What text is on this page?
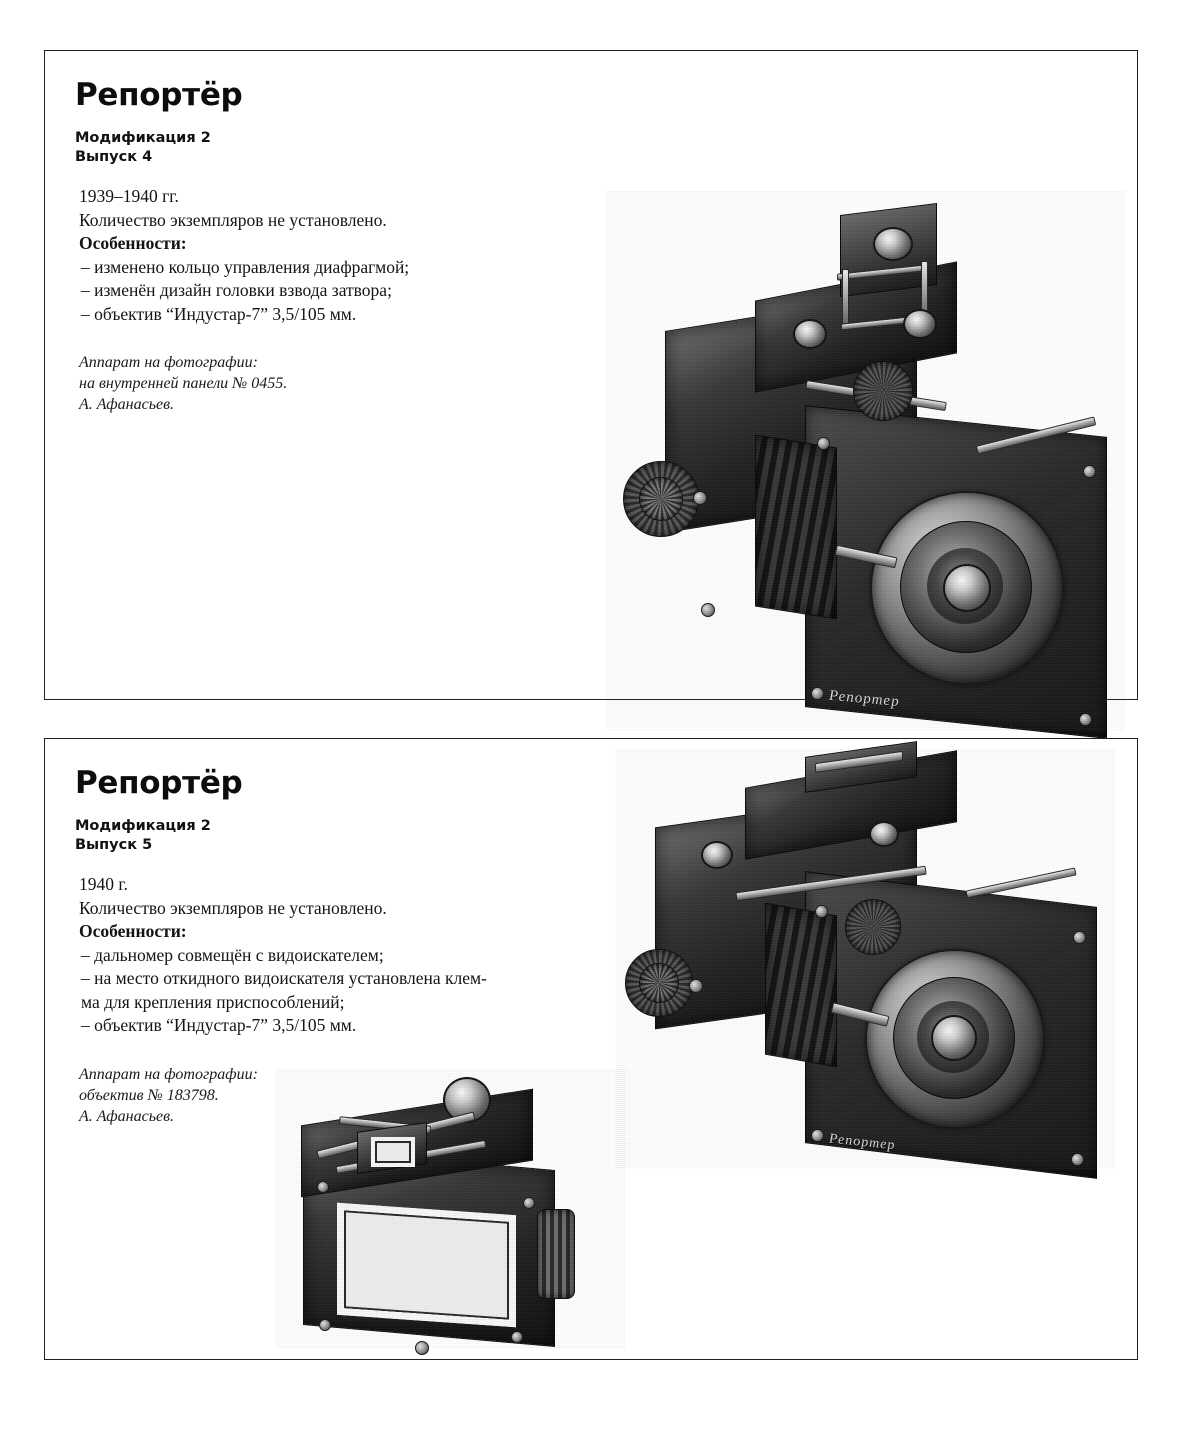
Репортёр
Модификация 2
Выпуск 4
1939–1940 гг.
Количество экземпляров не установлено.
Особенности:
– изменено кольцо управления диафрагмой;
– изменён дизайн головки взвода затвора;
– объектив “Индустар-7” 3,5/105 мм.
Аппарат на фотографии:
на внутренней панели № 0455.
А. Афанасьев.
Репортер
Репортёр
Модификация 2
Выпуск 5
1940 г.
Количество экземпляров не установлено.
Особенности:
– дальномер совмещён с видоискателем;
– на место откидного видоискателя установлена клем-
ма для крепления приспособлений;
– объектив “Индустар-7” 3,5/105 мм.
Аппарат на фотографии:
объектив № 183798.
А. Афанасьев.
Репортер
